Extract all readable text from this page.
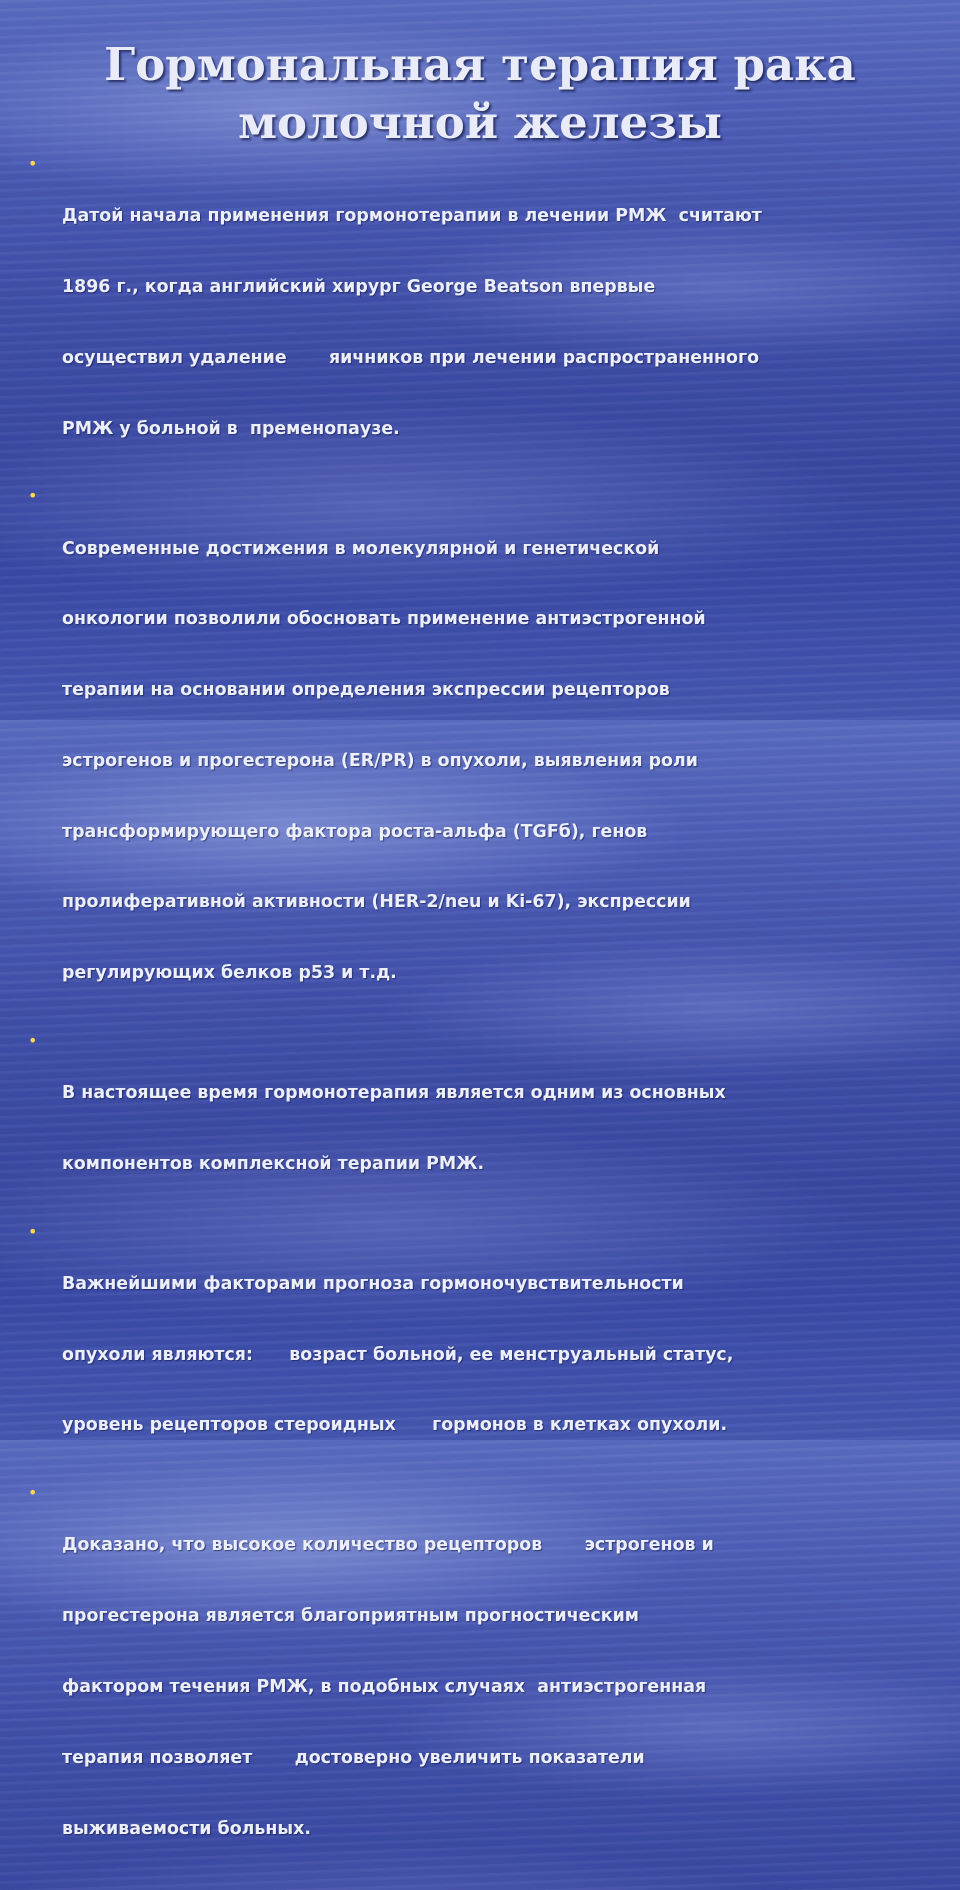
Гормональная терапия рака
молочной железы
•

Датой начала применения гормонотерапии в лечении РМЖ  считают

1896 г., когда английский хирург George Beatson впервые

осуществил удаление       яичников при лечении распространенного

РМЖ у больной в  пременопаузе.

•

Современные достижения в молекулярной и генетической

онкологии позволили обосновать применение антиэстрогенной

терапии на основании определения экспрессии рецепторов

эстрогенов и прогестерона (ER/PR) в опухоли, выявления роли

трансформирующего фактора роста-альфа (TGFб), генов

пролиферативной активности (HER-2/neu и Ki-67), экспрессии

регулирующих белков р53 и т.д.

•

В настоящее время гормонотерапия является одним из основных

компонентов комплексной терапии РМЖ.

•

Важнейшими факторами прогноза гормоночувствительности

опухоли являются:      возраст больной, ее менструальный статус,

уровень рецепторов стероидных      гормонов в клетках опухоли.

•

Доказано, что высокое количество рецепторов       эстрогенов и

прогестерона является благоприятным прогностическим

фактором течения РМЖ, в подобных случаях  антиэстрогенная

терапия позволяет       достоверно увеличить показатели

выживаемости больных.
